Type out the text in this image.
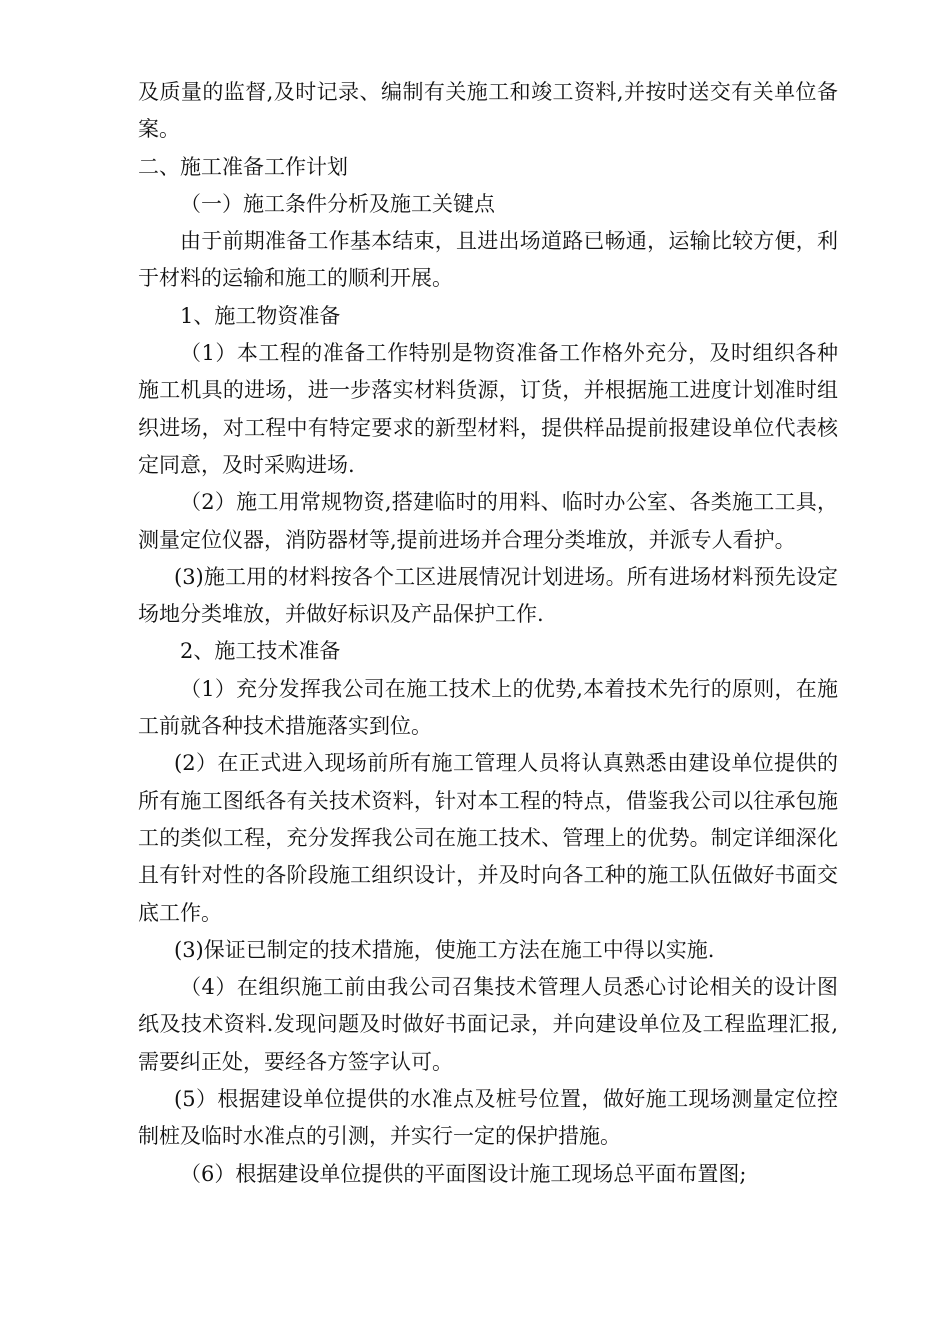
及质量的监督,及时记录、编制有关施工和竣工资料,并按时送交有关单位备案。

二、施工准备工作计划

（一）施工条件分析及施工关键点

由于前期准备工作基本结束，且进出场道路已畅通，运输比较方便，利于材料的运输和施工的顺利开展。

1、施工物资准备

（1）本工程的准备工作特别是物资准备工作格外充分，及时组织各种施工机具的进场，进一步落实材料货源，订货，并根据施工进度计划准时组织进场，对工程中有特定要求的新型材料，提供样品提前报建设单位代表核定同意，及时采购进场.

（2）施工用常规物资,搭建临时的用料、临时办公室、各类施工工具，测量定位仪器，消防器材等,提前进场并合理分类堆放，并派专人看护。

(3)施工用的材料按各个工区进展情况计划进场。所有进场材料预先设定场地分类堆放，并做好标识及产品保护工作.

2、施工技术准备

（1）充分发挥我公司在施工技术上的优势,本着技术先行的原则，在施工前就各种技术措施落实到位。

(2）在正式进入现场前所有施工管理人员将认真熟悉由建设单位提供的所有施工图纸各有关技术资料，针对本工程的特点，借鉴我公司以往承包施工的类似工程，充分发挥我公司在施工技术、管理上的优势。制定详细深化且有针对性的各阶段施工组织设计，并及时向各工种的施工队伍做好书面交底工作。

(3)保证已制定的技术措施，使施工方法在施工中得以实施.

（4）在组织施工前由我公司召集技术管理人员悉心讨论相关的设计图纸及技术资料.发现问题及时做好书面记录，并向建设单位及工程监理汇报,需要纠正处，要经各方签字认可。

(5）根据建设单位提供的水准点及桩号位置，做好施工现场测量定位控制桩及临时水准点的引测，并实行一定的保护措施。

（6）根据建设单位提供的平面图设计施工现场总平面布置图;
